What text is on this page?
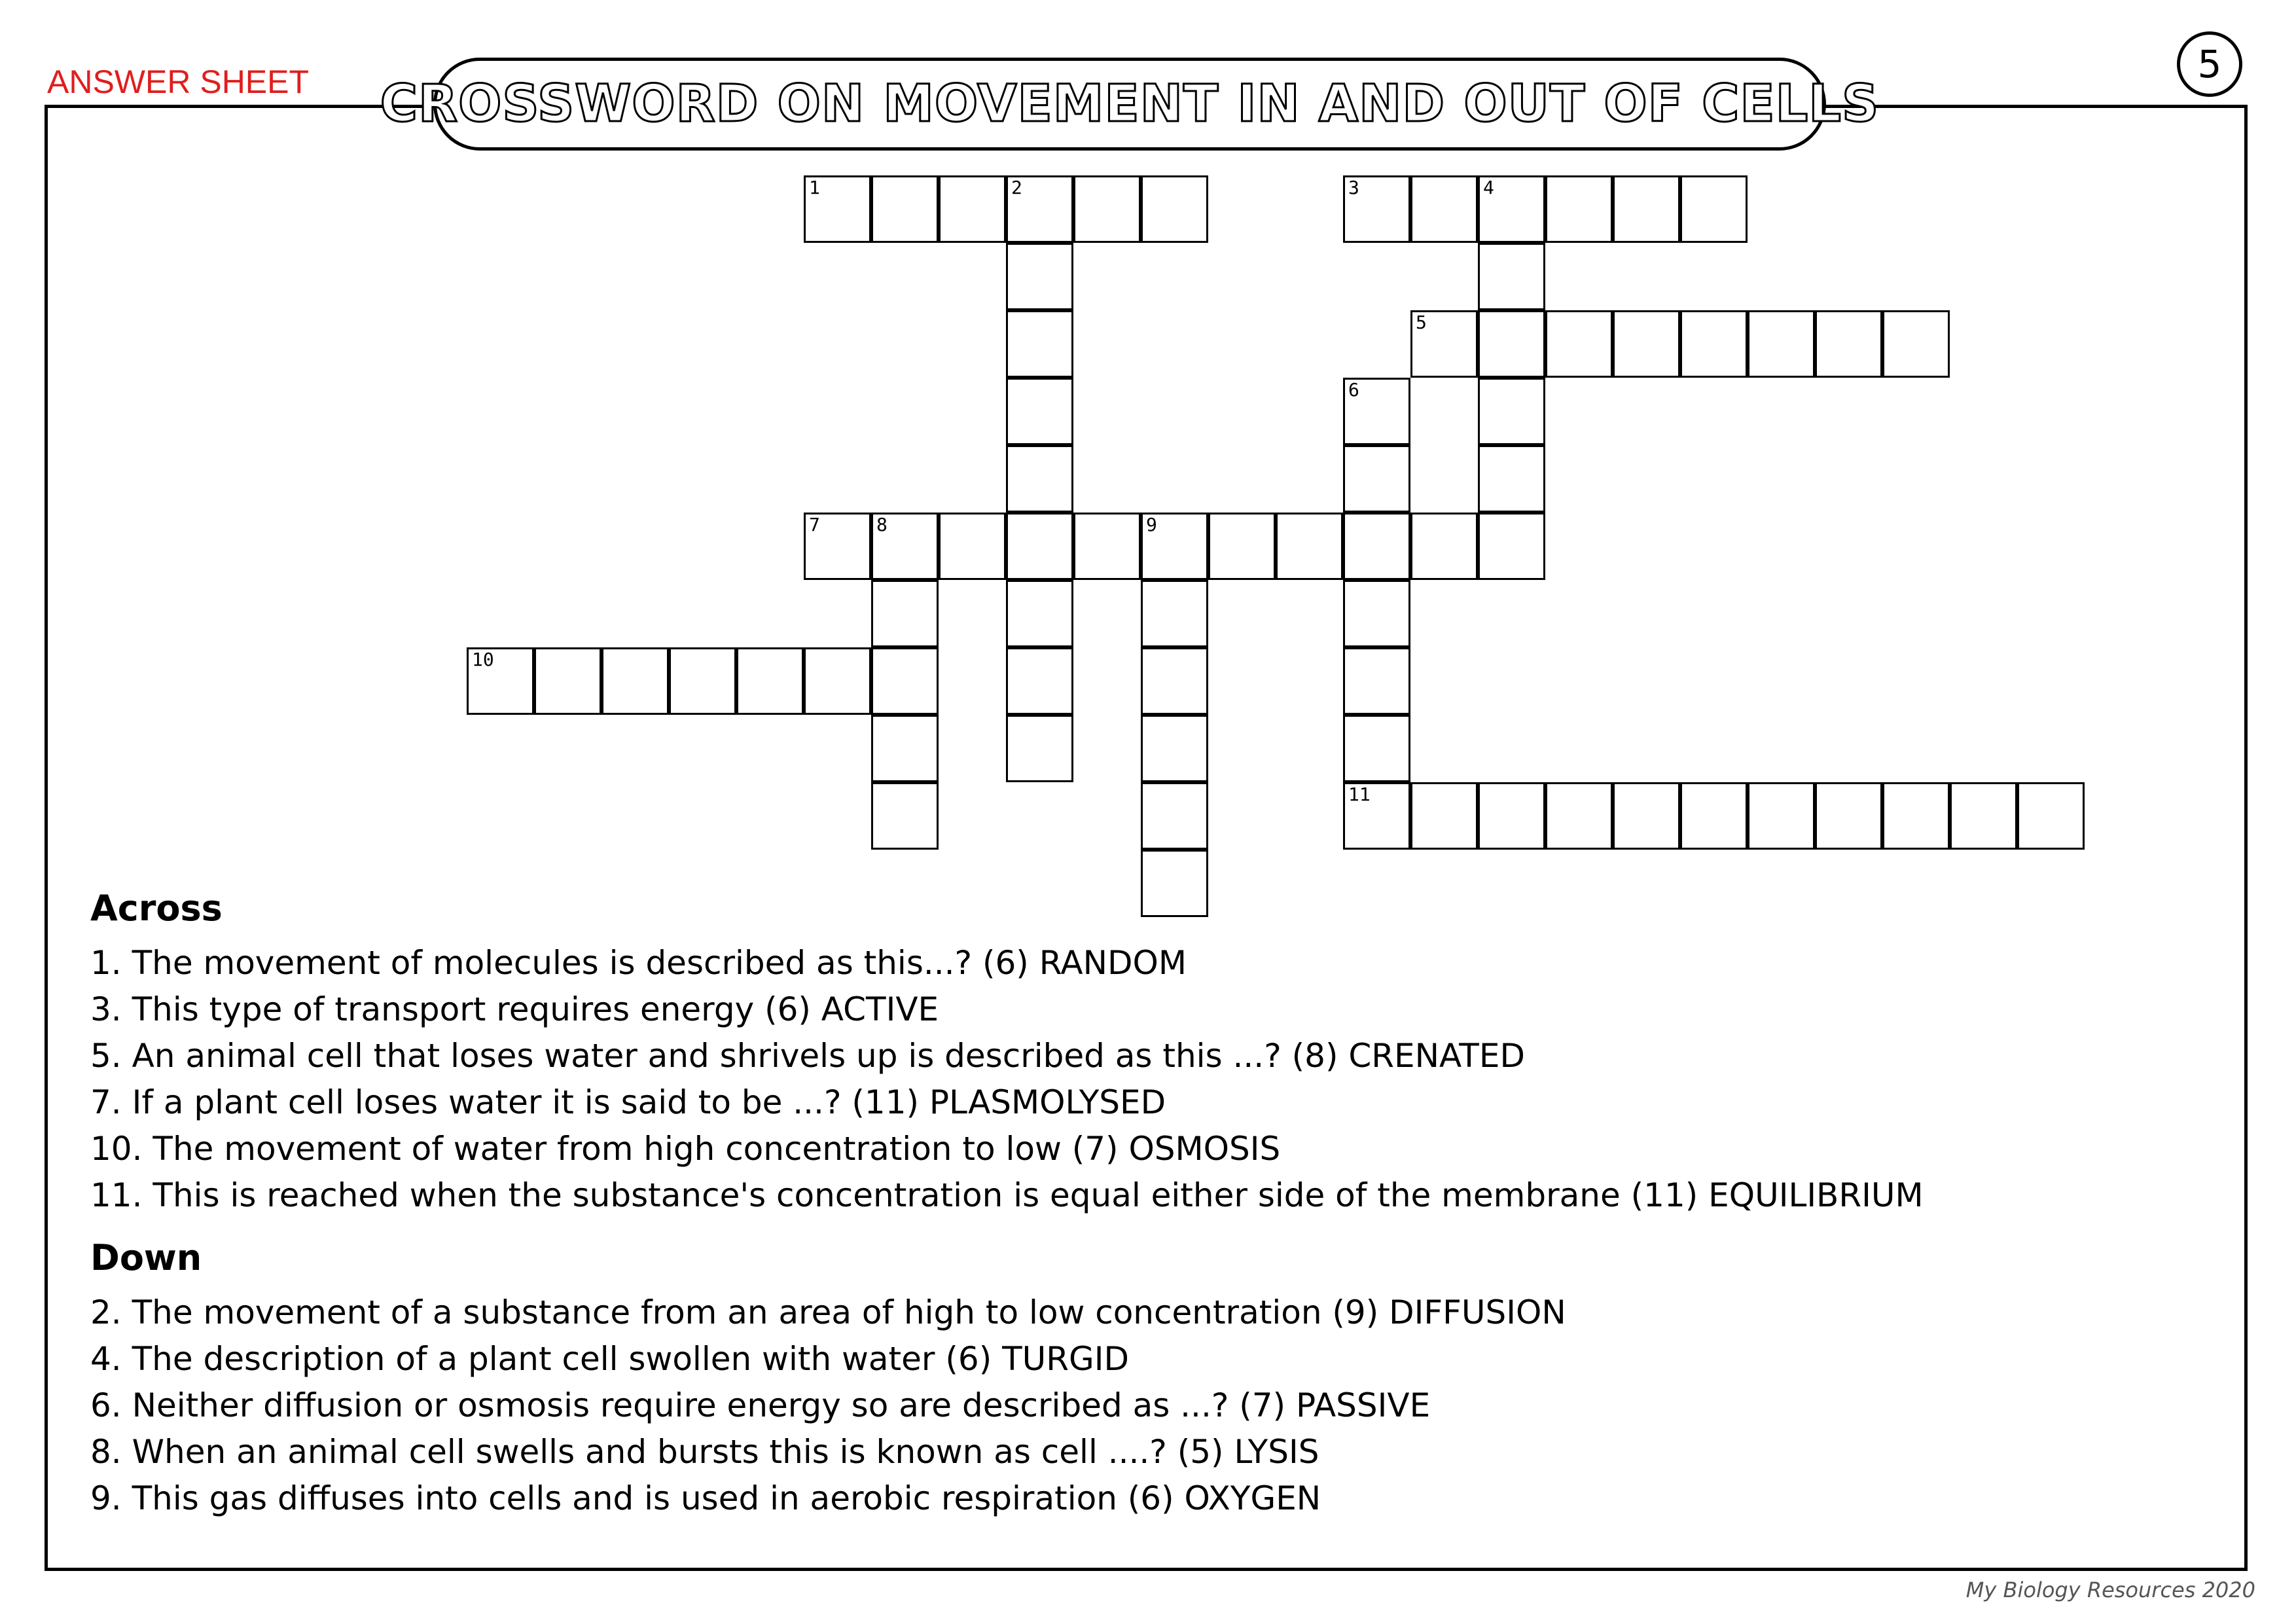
ANSWER SHEET	5
CROSSWORD ON MOVEMENT IN AND OUT OF CELLS
1	2	3	4
5
7	8	9
10
11
6
Across
1. The movement of molecules is described as this...? (6) RANDOM
3. This type of transport requires energy (6) ACTIVE
5. An animal cell that loses water and shrivels up is described as this ...? (8) CRENATED
7. If a plant cell loses water it is said to be ...? (11) PLASMOLYSED
10. The movement of water from high concentration to low (7) OSMOSIS
11. This is reached when the substance's concentration is equal either side of the membrane (11) EQUILIBRIUM
Down
2. The movement of a substance from an area of high to low concentration (9) DIFFUSION
4. The description of a plant cell swollen with water (6) TURGID
6. Neither diffusion or osmosis require energy so are described as ...? (7) PASSIVE
8. When an animal cell swells and bursts this is known as cell ....? (5) LYSIS
9. This gas diffuses into cells and is used in aerobic respiration (6) OXYGEN
My Biology Resources 2020
